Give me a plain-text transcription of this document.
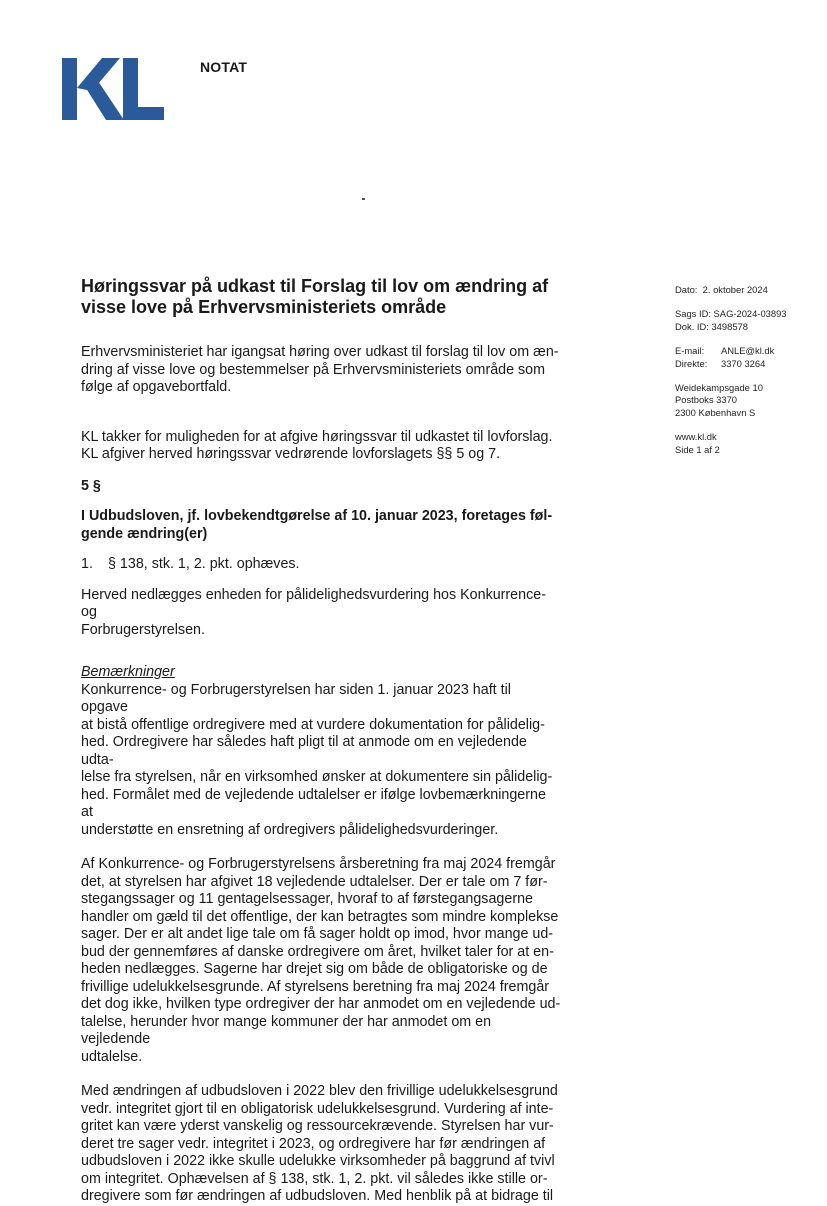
NOTAT
Høringssvar på udkast til Forslag til lov om ændring af
visse love på Erhvervsministeriets område

Erhvervsministeriet har igangsat høring over udkast til forslag til lov om æn-
dring af visse love og bestemmelser på Erhvervsministeriets område som
følge af opgavebortfald.

KL takker for muligheden for at afgive høringssvar til udkastet til lovforslag.
KL afgiver herved høringssvar vedrørende lovforslagets §§ 5 og 7.

5 §

I Udbudsloven, jf. lovbekendtgørelse af 10. januar 2023, foretages føl-
gende ændring(er)

1. § 138, stk. 1, 2. pkt. ophæves.

Herved nedlægges enheden for pålidelighedsvurdering hos Konkurrence- og
Forbrugerstyrelsen.

Bemærkninger

Konkurrence- og Forbrugerstyrelsen har siden 1. januar 2023 haft til opgave
at bistå offentlige ordregivere med at vurdere dokumentation for pålidelig-
hed. Ordregivere har således haft pligt til at anmode om en vejledende udta-
lelse fra styrelsen, når en virksomhed ønsker at dokumentere sin pålidelig-
hed. Formålet med de vejledende udtalelser er ifølge lovbemærkningerne at
understøtte en ensretning af ordregivers pålidelighedsvurderinger.

Af Konkurrence- og Forbrugerstyrelsens årsberetning fra maj 2024 fremgår
det, at styrelsen har afgivet 18 vejledende udtalelser. Der er tale om 7 før-
stegangssager og 11 gentagelsessager, hvoraf to af førstegangsagerne
handler om gæld til det offentlige, der kan betragtes som mindre komplekse
sager. Der er alt andet lige tale om få sager holdt op imod, hvor mange ud-
bud der gennemføres af danske ordregivere om året, hvilket taler for at en-
heden nedlægges. Sagerne har drejet sig om både de obligatoriske og de
frivillige udelukkelsesgrunde. Af styrelsens beretning fra maj 2024 fremgår
det dog ikke, hvilken type ordregiver der har anmodet om en vejledende ud-
talelse, herunder hvor mange kommuner der har anmodet om en vejledende
udtalelse.

Med ændringen af udbudsloven i 2022 blev den frivillige udelukkelsesgrund
vedr. integritet gjort til en obligatorisk udelukkelsesgrund. Vurdering af inte-
gritet kan være yderst vanskelig og ressourcekrævende. Styrelsen har vur-
deret tre sager vedr. integritet i 2023, og ordregivere har før ændringen af
udbudsloven i 2022 ikke skulle udelukke virksomheder på baggrund af tvivl
om integritet. Ophævelsen af § 138, stk. 1, 2. pkt. vil således ikke stille or-
dregivere som før ændringen af udbudsloven. Med henblik på at bidrage til

Dato: 2. oktober 2024
Sags ID: SAG-2024-03893
Dok. ID: 3498578
E-mail: ANLE@kl.dk
Direkte: 3370 3264
Weidekampsgade 10
Postboks 3370
2300 København S
www.kl.dk
Side 1 af 2
